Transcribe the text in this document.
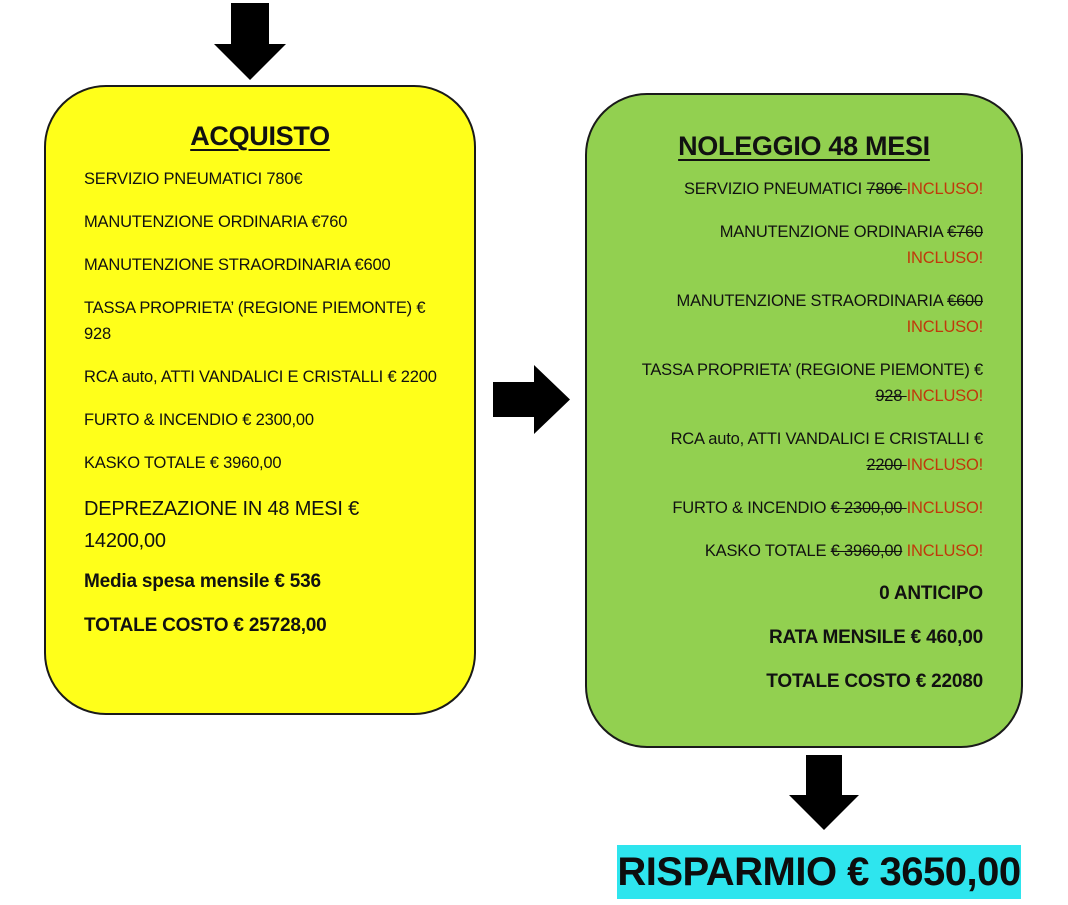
ACQUISTO
SERVIZIO PNEUMATICI 780€
MANUTENZIONE ORDINARIA €760
MANUTENZIONE STRAORDINARIA €600
TASSA PROPRIETA’ (REGIONE PIEMONTE) € 928
RCA auto, ATTI VANDALICI E CRISTALLI € 2200
FURTO & INCENDIO € 2300,00
KASKO TOTALE € 3960,00
DEPREZAZIONE IN 48 MESI € 14200,00
Media spesa mensile € 536
TOTALE COSTO € 25728,00
NOLEGGIO 48 MESI
SERVIZIO PNEUMATICI 780€ INCLUSO!
MANUTENZIONE ORDINARIA €760
INCLUSO!
MANUTENZIONE STRAORDINARIA €600
INCLUSO!
TASSA PROPRIETA’ (REGIONE PIEMONTE) €
928 INCLUSO!
RCA auto, ATTI VANDALICI E CRISTALLI €
2200 INCLUSO!
FURTO & INCENDIO € 2300,00 INCLUSO!
KASKO TOTALE € 3960,00 INCLUSO!
0 ANTICIPO
RATA MENSILE € 460,00
TOTALE COSTO € 22080
RISPARMIO € 3650,00
